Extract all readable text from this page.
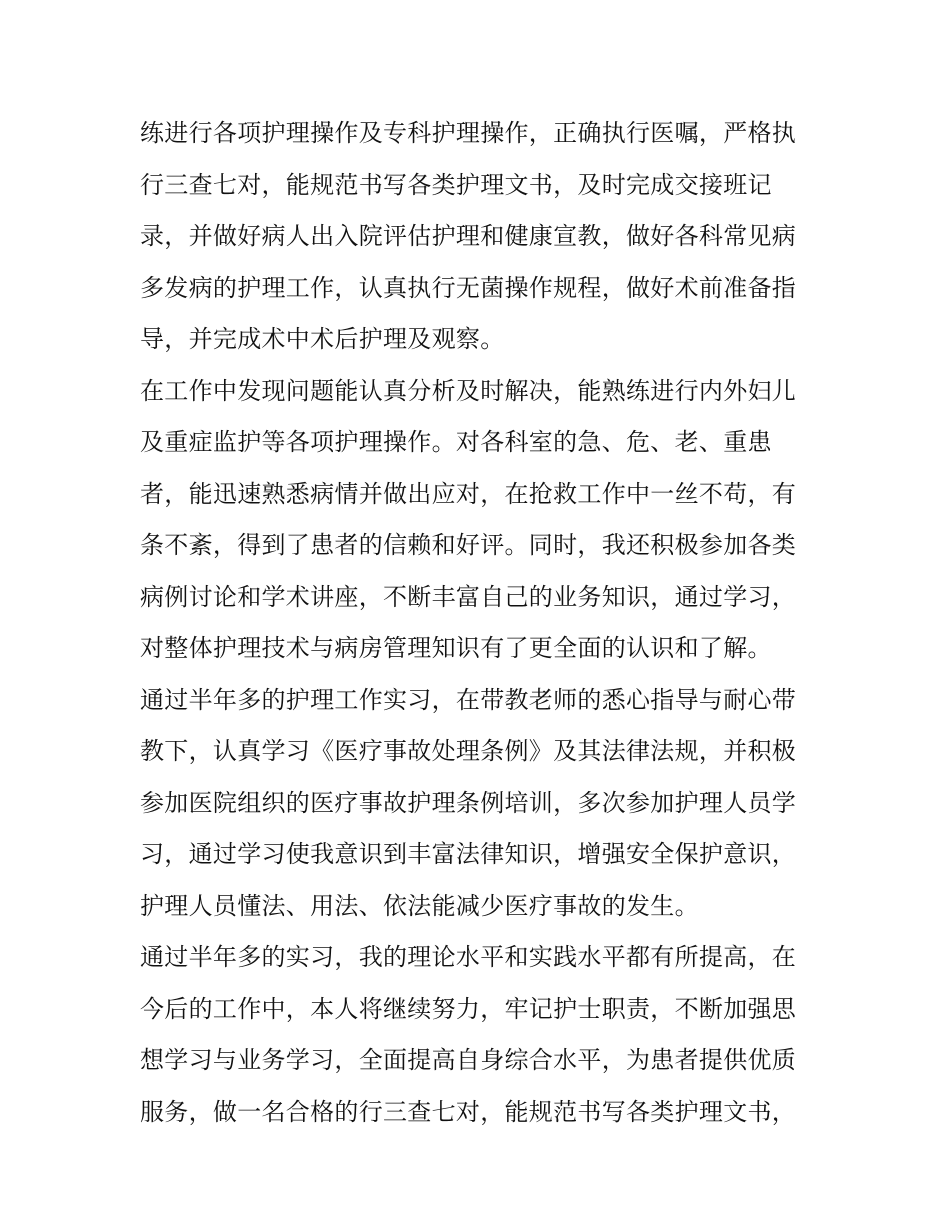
练进行各项护理操作及专科护理操作，正确执行医嘱，严格执
行三查七对，能规范书写各类护理文书，及时完成交接班记
录，并做好病人出入院评估护理和健康宣教，做好各科常见病
多发病的护理工作，认真执行无菌操作规程，做好术前准备指
导，并完成术中术后护理及观察。
在工作中发现问题能认真分析及时解决，能熟练进行内外妇儿
及重症监护等各项护理操作。对各科室的急、危、老、重患
者，能迅速熟悉病情并做出应对，在抢救工作中一丝不苟，有
条不紊，得到了患者的信赖和好评。同时，我还积极参加各类
病例讨论和学术讲座，不断丰富自己的业务知识，通过学习，
对整体护理技术与病房管理知识有了更全面的认识和了解。
通过半年多的护理工作实习，在带教老师的悉心指导与耐心带
教下，认真学习《医疗事故处理条例》及其法律法规，并积极
参加医院组织的医疗事故护理条例培训，多次参加护理人员学
习，通过学习使我意识到丰富法律知识，增强安全保护意识，
护理人员懂法、用法、依法能减少医疗事故的发生。
通过半年多的实习，我的理论水平和实践水平都有所提高，在
今后的工作中，本人将继续努力，牢记护士职责，不断加强思
想学习与业务学习，全面提高自身综合水平，为患者提供优质
服务，做一名合格的行三查七对，能规范书写各类护理文书，
